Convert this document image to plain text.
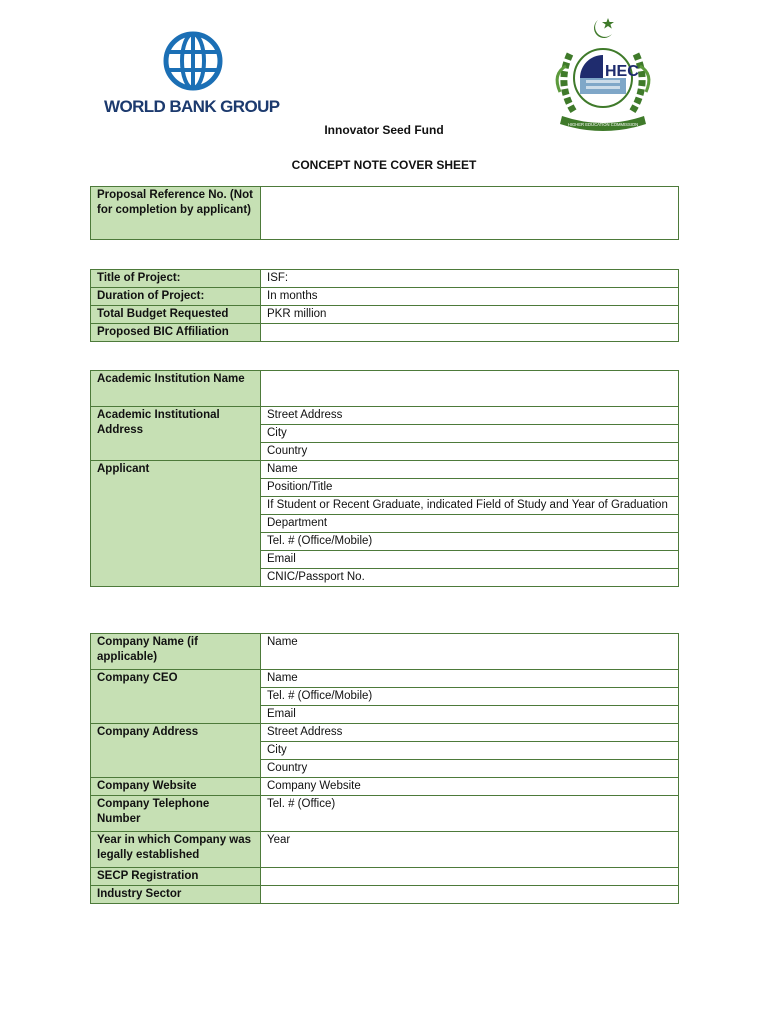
WORLD BANK GROUP
HEC
HIGHER EDUCATION COMMISSION
Innovator Seed Fund
CONCEPT NOTE COVER SHEET
Proposal Reference No. (Not for completion by applicant)	
Title of Project:	ISF:
Duration of Project:	In months
Total Budget Requested	PKR million
Proposed BIC Affiliation	
Academic Institution Name	
Academic Institutional Address	Street Address
	City
	Country
Applicant	Name
	Position/Title
	If Student or Recent Graduate, indicated Field of Study and Year of Graduation
	Department
	Tel. # (Office/Mobile)
	Email
	CNIC/Passport No.
Company Name (if applicable)	Name
Company CEO	Name
	Tel. # (Office/Mobile)
	Email
Company Address	Street Address
	City
	Country
Company Website	Company Website
Company Telephone Number	Tel. # (Office)
Year in which Company was legally established	Year
SECP Registration	
Industry Sector	
